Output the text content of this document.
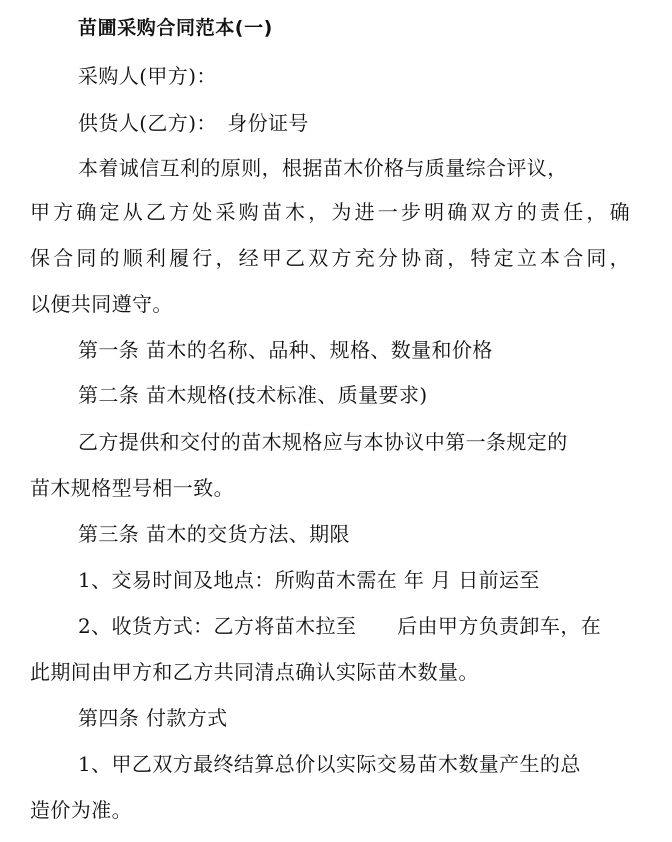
苗圃采购合同范本(一)

采购人(甲方)：

供货人(乙方)：　身份证号

本着诚信互利的原则，根据苗木价格与质量综合评议，

甲方确定从乙方处采购苗木，为进一步明确双方的责任，确

保合同的顺利履行，经甲乙双方充分协商，特定立本合同，

以便共同遵守。

第一条 苗木的名称、品种、规格、数量和价格

第二条 苗木规格(技术标准、质量要求)

乙方提供和交付的苗木规格应与本协议中第一条规定的

苗木规格型号相一致。

第三条 苗木的交货方法、期限

1、交易时间及地点：所购苗木需在 年 月 日前运至

2、收货方式：乙方将苗木拉至　　后由甲方负责卸车，在

此期间由甲方和乙方共同清点确认实际苗木数量。

第四条 付款方式

1、甲乙双方最终结算总价以实际交易苗木数量产生的总

造价为准。
